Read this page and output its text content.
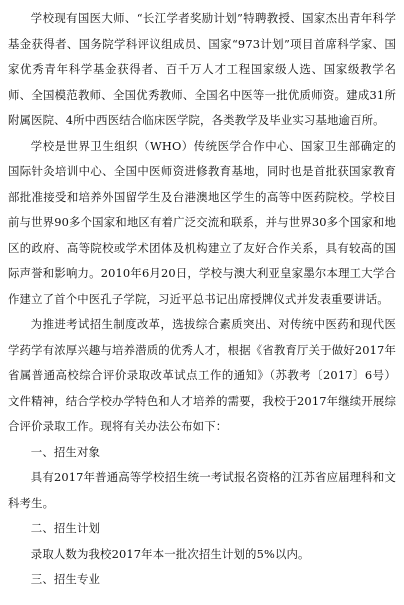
学校现有国医大师、“长江学者奖励计划”特聘教授、国家杰出青年科学基金获得者、国务院学科评议组成员、国家“973计划”项目首席科学家、国家优秀青年科学基金获得者、百千万人才工程国家级人选、国家级教学名师、全国模范教师、全国优秀教师、全国名中医等一批优质师资。建成31所附属医院、4所中西医结合临床医学院，各类教学及毕业实习基地逾百所。

学校是世界卫生组织（WHO）传统医学合作中心、国家卫生部确定的国际针灸培训中心、全国中医师资进修教育基地，同时也是首批获国家教育部批准接受和培养外国留学生及台港澳地区学生的高等中医药院校。学校目前与世界90多个国家和地区有着广泛交流和联系，并与世界30多个国家和地区的政府、高等院校或学术团体及机构建立了友好合作关系，具有较高的国际声誉和影响力。2010年6月20日，学校与澳大利亚皇家墨尔本理工大学合作建立了首个中医孔子学院，习近平总书记出席授牌仪式并发表重要讲话。

为推进考试招生制度改革，选拔综合素质突出、对传统中医药和现代医学药学有浓厚兴趣与培养潜质的优秀人才，根据《省教育厅关于做好2017年省属普通高校综合评价录取改革试点工作的通知》（苏教考〔2017〕6号）文件精神，结合学校办学特色和人才培养的需要，我校于2017年继续开展综合评价录取工作。现将有关办法公布如下：

一、招生对象

具有2017年普通高等学校招生统一考试报名资格的江苏省应届理科和文科考生。

二、招生计划

录取人数为我校2017年本一批次招生计划的5%以内。

三、招生专业
